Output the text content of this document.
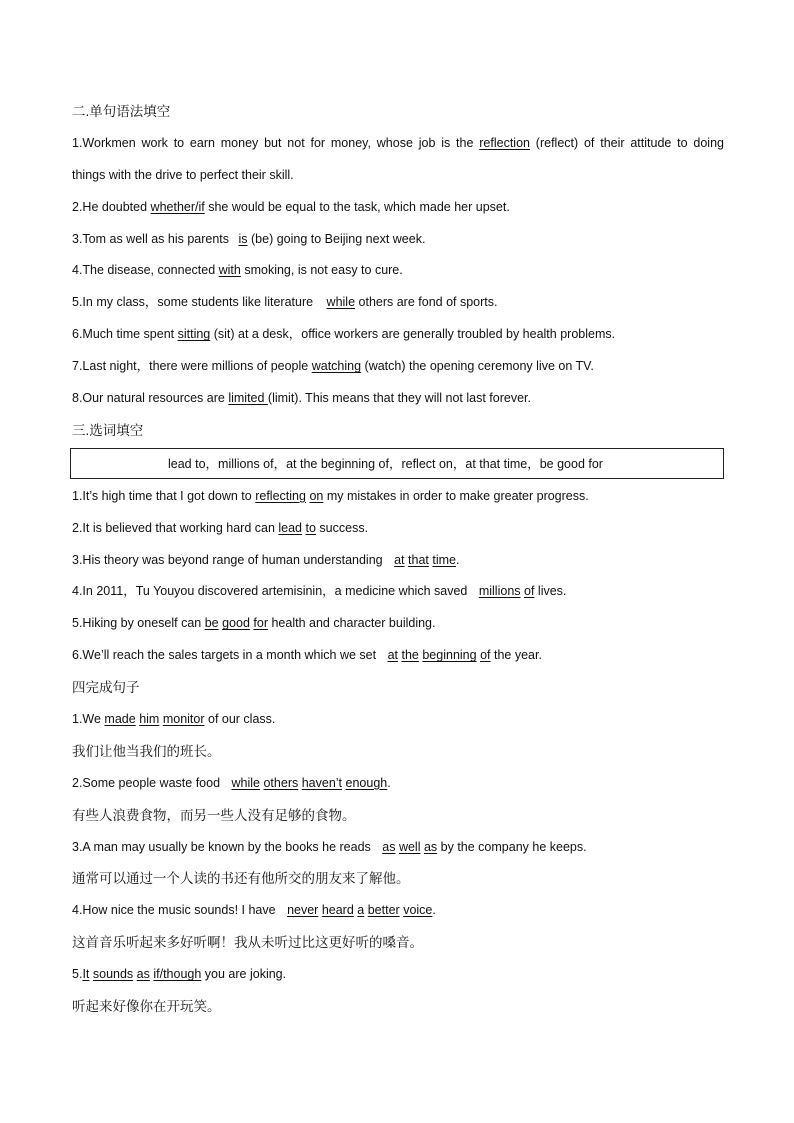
二.单句语法填空
1.Workmen work to earn money but not for money, whose job is the reflection (reflect) of their attitude to doing
things with the drive to perfect their skill.
2.He doubted whether/if she would be equal to the task, which made her upset.
3.Tom as well as his parents is (be) going to Beijing next week.
4.The disease, connected with smoking, is not easy to cure.
5.In my class，some students like literature while others are fond of sports.
6.Much time spent sitting (sit) at a desk，office workers are generally troubled by health problems.
7.Last night，there were millions of people watching (watch) the opening ceremony live on TV.
8.Our natural resources are limited (limit). This means that they will not last forever.
三.选词填空
lead to，millions of，at the beginning of，reflect on，at that time，be good for
1.It’s high time that I got down to reflecting on my mistakes in order to make greater progress.
2.It is believed that working hard can lead to success.
3.His theory was beyond range of human understanding at that time.
4.In 2011，Tu Youyou discovered artemisinin，a medicine which saved millions of lives.
5.Hiking by oneself can be good for health and character building.
6.We’ll reach the sales targets in a month which we set at the beginning of the year.
四完成句子
1.We made him monitor of our class.
我们让他当我们的班长。
2.Some people waste food while others haven’t enough.
有些人浪费食物，而另一些人没有足够的食物。
3.A man may usually be known by the books he reads as well as by the company he keeps.
通常可以通过一个人读的书还有他所交的朋友来了解他。
4.How nice the music sounds! I have never heard a better voice.
这首音乐听起来多好听啊！我从未听过比这更好听的嗓音。
5.It sounds as if/though you are joking.
听起来好像你在开玩笑。
